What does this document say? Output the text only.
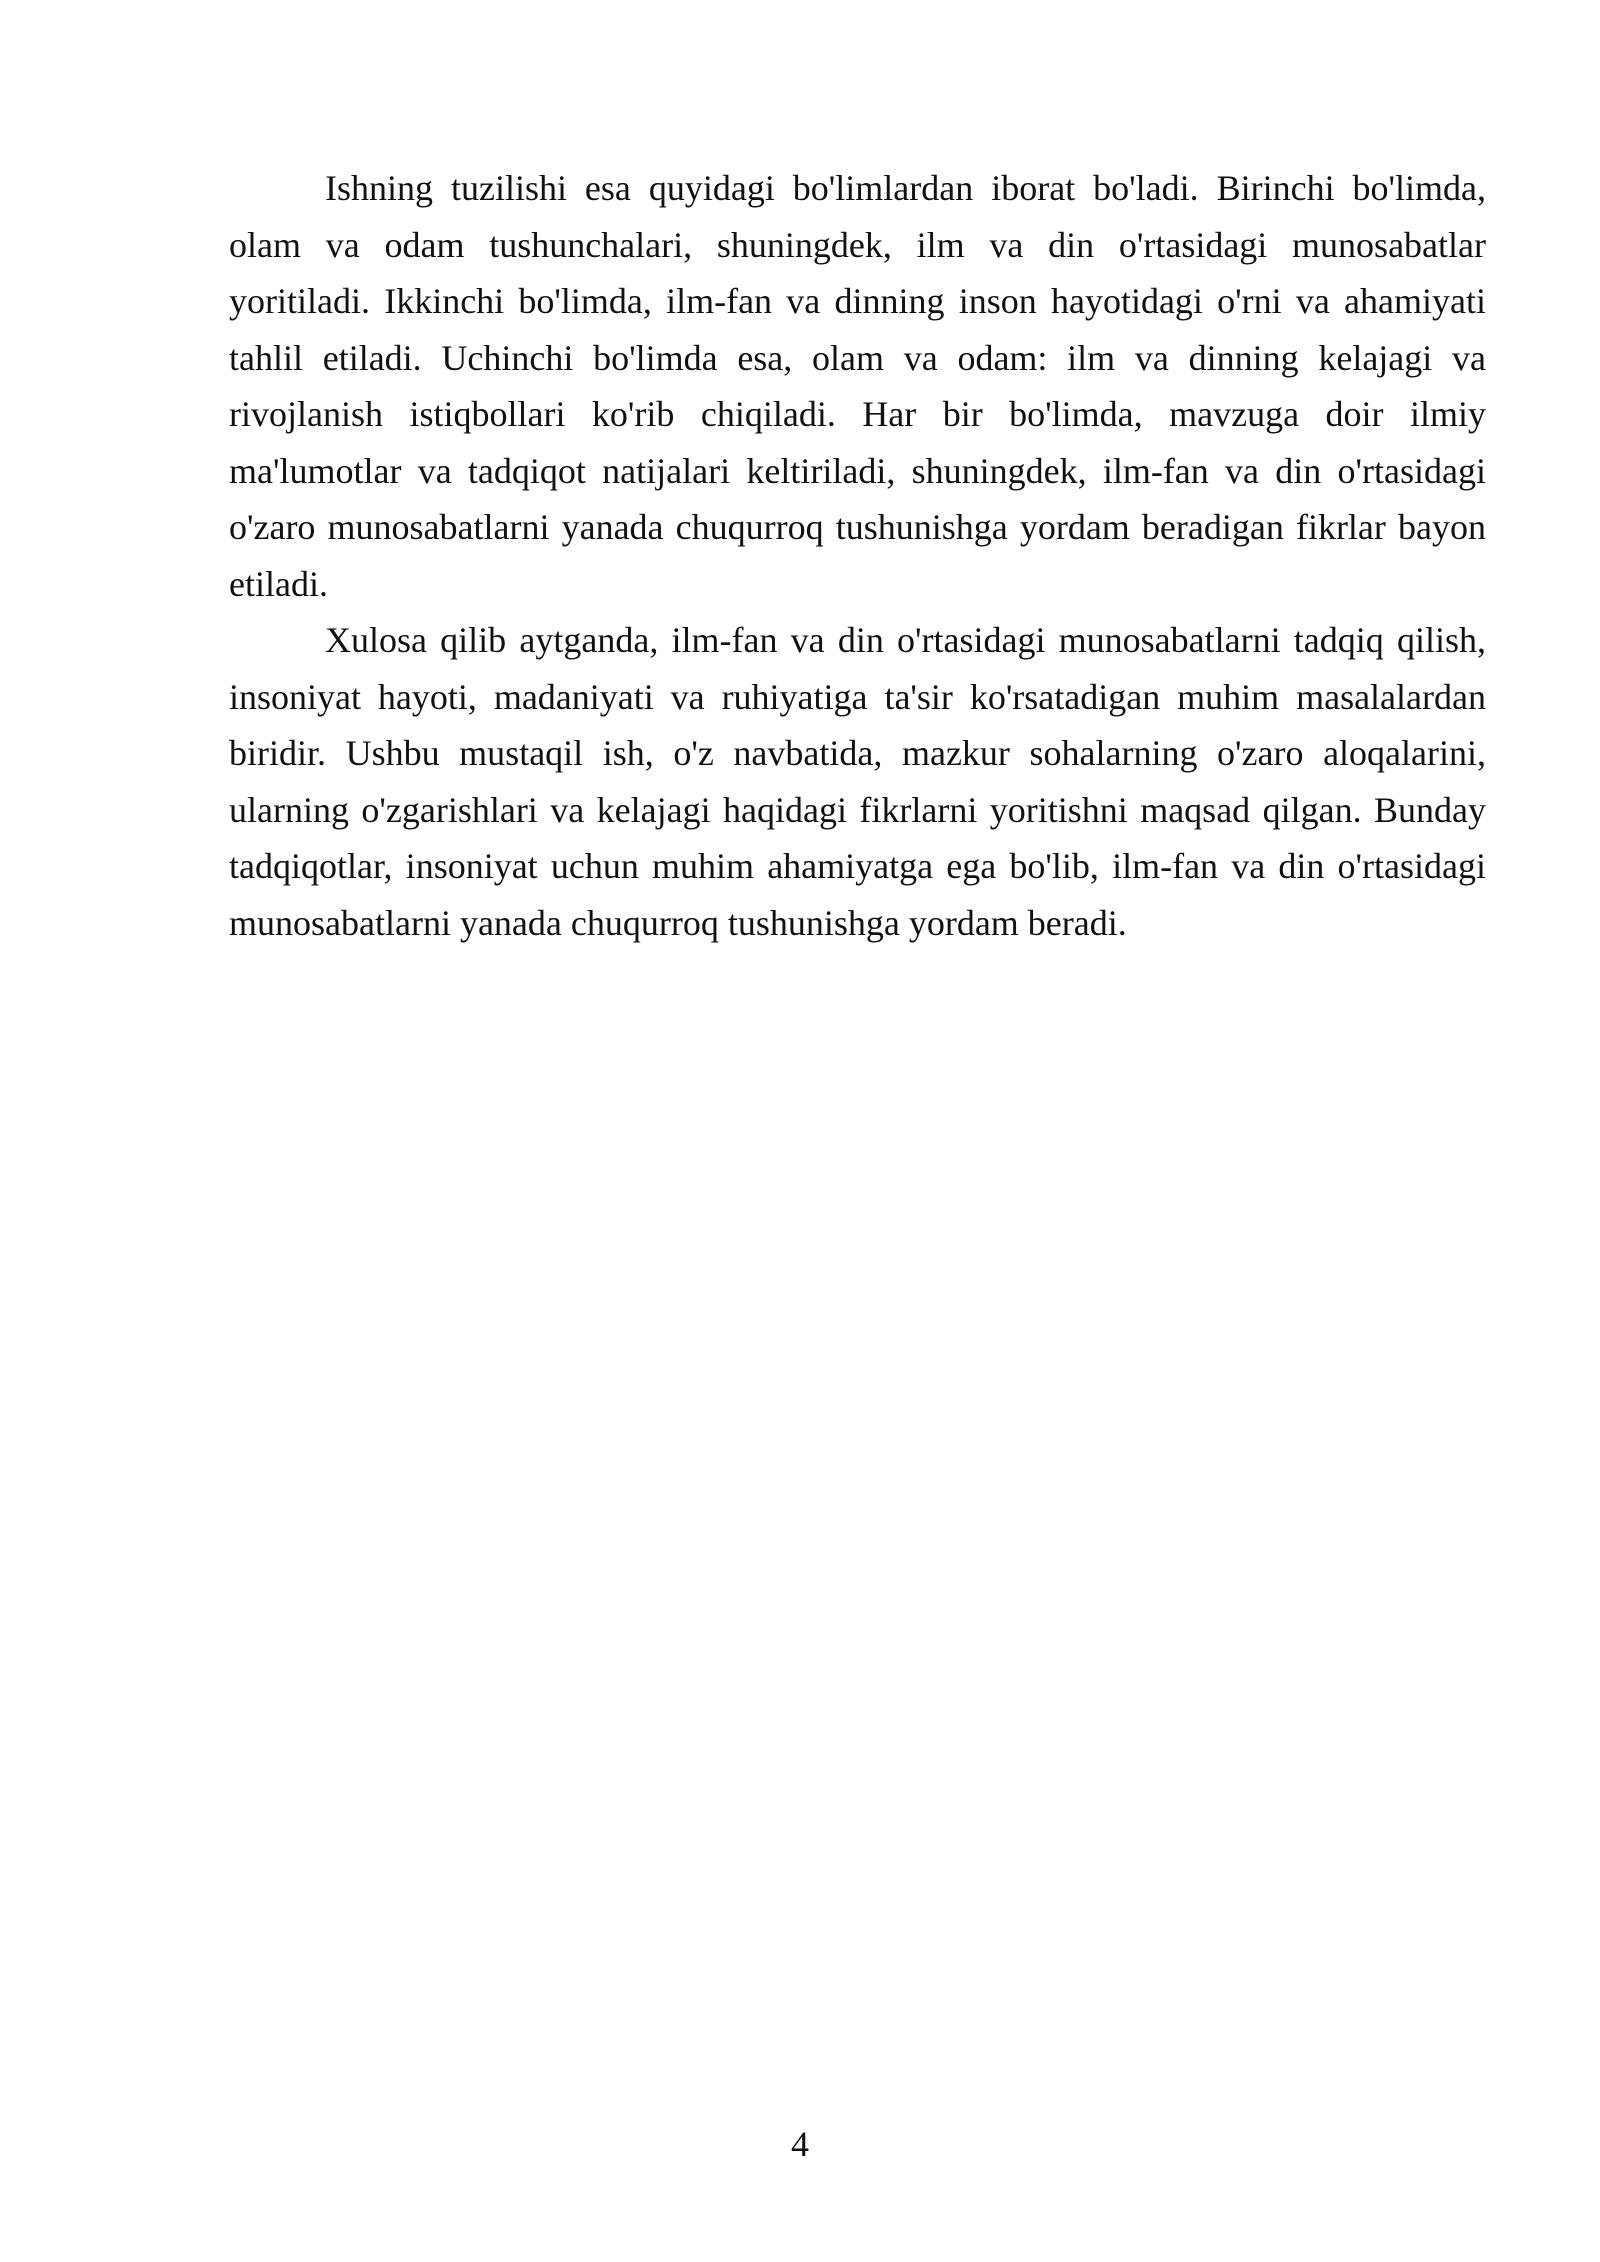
Ishning tuzilishi esa quyidagi bo'limlardan iborat bo'ladi. Birinchi bo'limda, olam va odam tushunchalari, shuningdek, ilm va din o'rtasidagi munosabatlar yoritiladi. Ikkinchi bo'limda, ilm-fan va dinning inson hayotidagi o'rni va ahamiyati tahlil etiladi. Uchinchi bo'limda esa, olam va odam: ilm va dinning kelajagi va rivojlanish istiqbollari ko'rib chiqiladi. Har bir bo'limda, mavzuga doir ilmiy ma'lumotlar va tadqiqot natijalari keltiriladi, shuningdek, ilm-fan va din o'rtasidagi o'zaro munosabatlarni yanada chuqurroq tushunishga yordam beradigan fikrlar bayon etiladi.

Xulosa qilib aytganda, ilm-fan va din o'rtasidagi munosabatlarni tadqiq qilish, insoniyat hayoti, madaniyati va ruhiyatiga ta'sir ko'rsatadigan muhim masalalardan biridir. Ushbu mustaqil ish, o'z navbatida, mazkur sohalarning o'zaro aloqalarini, ularning o'zgarishlari va kelajagi haqidagi fikrlarni yoritishni maqsad qilgan. Bunday tadqiqotlar, insoniyat uchun muhim ahamiyatga ega bo'lib, ilm-fan va din o'rtasidagi munosabatlarni yanada chuqurroq tushunishga yordam beradi.

4
